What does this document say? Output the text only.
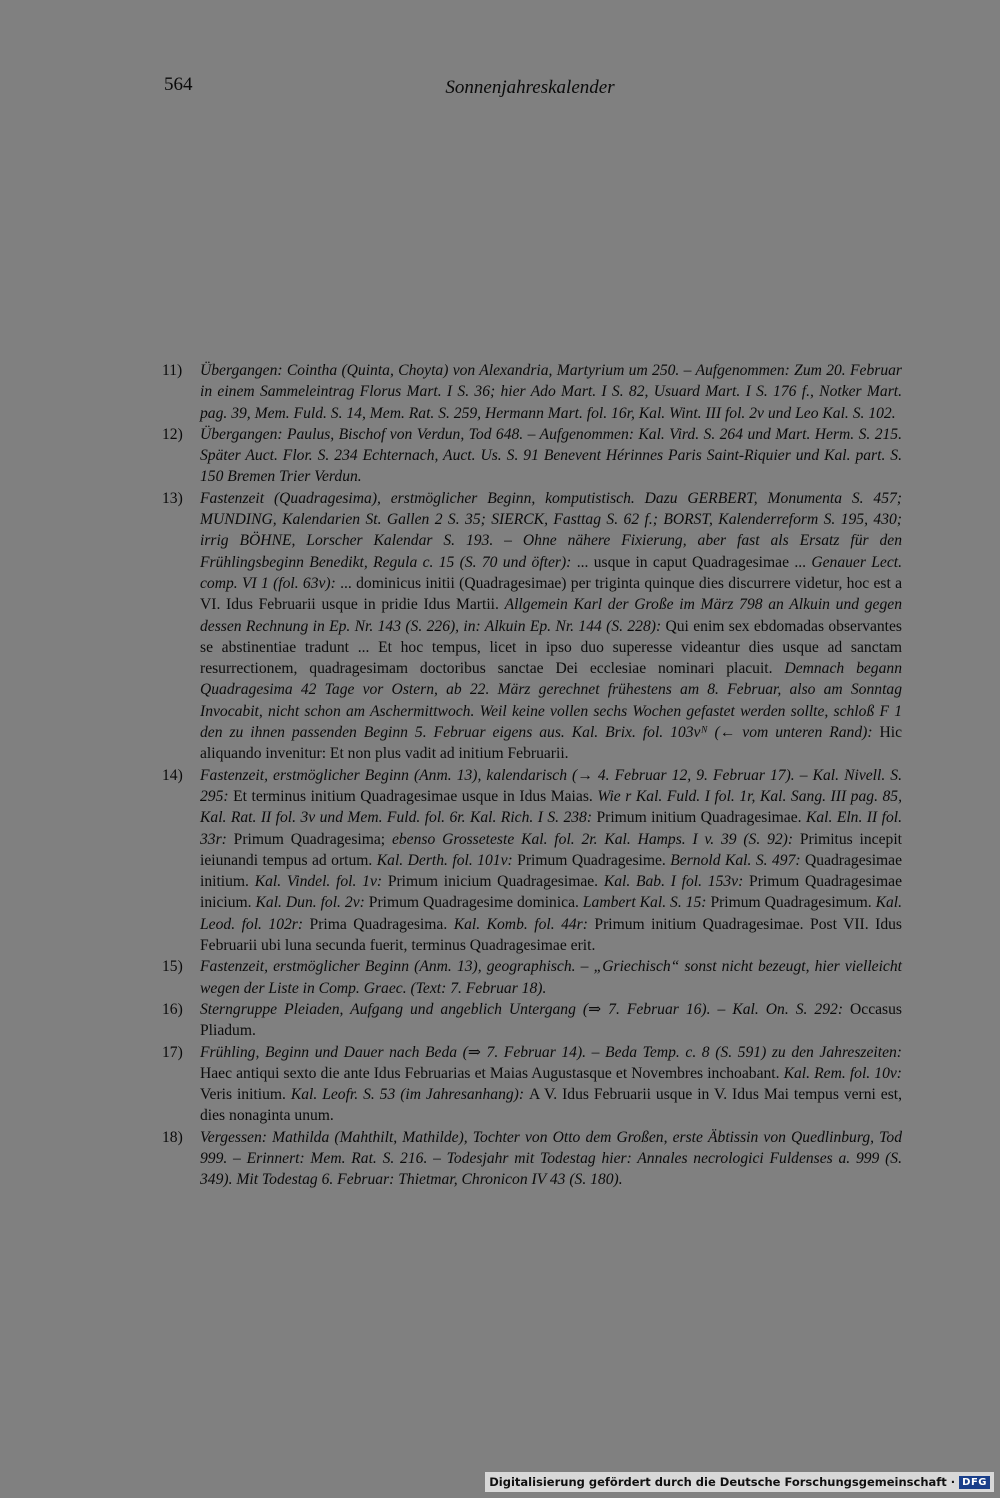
564	Sonnenjahreskalender
11) Übergangen: Cointha (Quinta, Choyta) von Alexandria, Martyrium um 250. – Aufgenommen: Zum 20. Februar in einem Sammeleintrag Florus Mart. I S. 36; hier Ado Mart. I S. 82, Usuard Mart. I S. 176 f., Notker Mart. pag. 39, Mem. Fuld. S. 14, Mem. Rat. S. 259, Hermann Mart. fol. 16r, Kal. Wint. III fol. 2v und Leo Kal. S. 102.
12) Übergangen: Paulus, Bischof von Verdun, Tod 648. – Aufgenommen: Kal. Vird. S. 264 und Mart. Herm. S. 215. Später Auct. Flor. S. 234 Echternach, Auct. Us. S. 91 Benevent Hérinnes Paris Saint-Riquier und Kal. part. S. 150 Bremen Trier Verdun.
13) Fastenzeit (Quadragesima), erstmöglicher Beginn, komputistisch. Dazu GERBERT, Monumenta S. 457; MUNDING, Kalendarien St. Gallen 2 S. 35; SIERCK, Fasttag S. 62 f.; BORST, Kalenderreform S. 195, 430; irrig BÖHNE, Lorscher Kalendar S. 193. – Ohne nähere Fixierung, aber fast als Ersatz für den Frühlingsbeginn Benedikt, Regula c. 15 (S. 70 und öfter): ... usque in caput Quadragesimae ... Genauer Lect. comp. VI 1 (fol. 63v): ... dominicus initii (Quadragesimae) per triginta quinque dies discurrere videtur, hoc est a VI. Idus Februarii usque in pridie Idus Martii. Allgemein Karl der Große im März 798 an Alkuin und gegen dessen Rechnung in Ep. Nr. 143 (S. 226), in: Alkuin Ep. Nr. 144 (S. 228): Qui enim sex ebdomadas observantes se abstinentiae tradunt ... Et hoc tempus, licet in ipso duo superesse videantur dies usque ad sanctam resurrectionem, quadragesimam doctoribus sanctae Dei ecclesiae nominari placuit. Demnach begann Quadragesima 42 Tage vor Ostern, ab 22. März gerechnet frühestens am 8. Februar, also am Sonntag Invocabit, nicht schon am Aschermittwoch. Weil keine vollen sechs Wochen gefastet werden sollte, schloß F 1 den zu ihnen passenden Beginn 5. Februar eigens aus. Kal. Brix. fol. 103vᴺ (← vom unteren Rand): Hic aliquando invenitur: Et non plus vadit ad initium Februarii.
14) Fastenzeit, erstmöglicher Beginn (Anm. 13), kalendarisch (→ 4. Februar 12, 9. Februar 17). – Kal. Nivell. S. 295: Et terminus initium Quadragesimae usque in Idus Maias. Wie r Kal. Fuld. I fol. 1r, Kal. Sang. III pag. 85, Kal. Rat. II fol. 3v und Mem. Fuld. fol. 6r. Kal. Rich. I S. 238: Primum initium Quadragesimae. Kal. Eln. II fol. 33r: Primum Quadragesima; ebenso Grosseteste Kal. fol. 2r. Kal. Hamps. I v. 39 (S. 92): Primitus incepit ieiunandi tempus ad ortum. Kal. Derth. fol. 101v: Primum Quadragesime. Bernold Kal. S. 497: Quadragesimae initium. Kal. Vindel. fol. 1v: Primum inicium Quadragesimae. Kal. Bab. I fol. 153v: Primum Quadragesimae inicium. Kal. Dun. fol. 2v: Primum Quadragesime dominica. Lambert Kal. S. 15: Primum Quadragesimum. Kal. Leod. fol. 102r: Prima Quadragesima. Kal. Komb. fol. 44r: Primum initium Quadragesimae. Post VII. Idus Februarii ubi luna secunda fuerit, terminus Quadragesimae erit.
15) Fastenzeit, erstmöglicher Beginn (Anm. 13), geographisch. – „Griechisch“ sonst nicht bezeugt, hier vielleicht wegen der Liste in Comp. Graec. (Text: 7. Februar 18).
16) Sterngruppe Pleiaden, Aufgang und angeblich Untergang (⇒ 7. Februar 16). – Kal. On. S. 292: Occasus Pliadum.
17) Frühling, Beginn und Dauer nach Beda (⇒ 7. Februar 14). – Beda Temp. c. 8 (S. 591) zu den Jahreszeiten: Haec antiqui sexto die ante Idus Februarias et Maias Augustasque et Novembres inchoabant. Kal. Rem. fol. 10v: Veris initium. Kal. Leofr. S. 53 (im Jahresanhang): A V. Idus Februarii usque in V. Idus Mai tempus verni est, dies nonaginta unum.
18) Vergessen: Mathilda (Mahthilt, Mathilde), Tochter von Otto dem Großen, erste Äbtissin von Quedlinburg, Tod 999. – Erinnert: Mem. Rat. S. 216. – Todesjahr mit Todestag hier: Annales necrologici Fuldenses a. 999 (S. 349). Mit Todestag 6. Februar: Thietmar, Chronicon IV 43 (S. 180).
Digitalisierung gefördert durch die Deutsche Forschungsgemeinschaft · DFG
